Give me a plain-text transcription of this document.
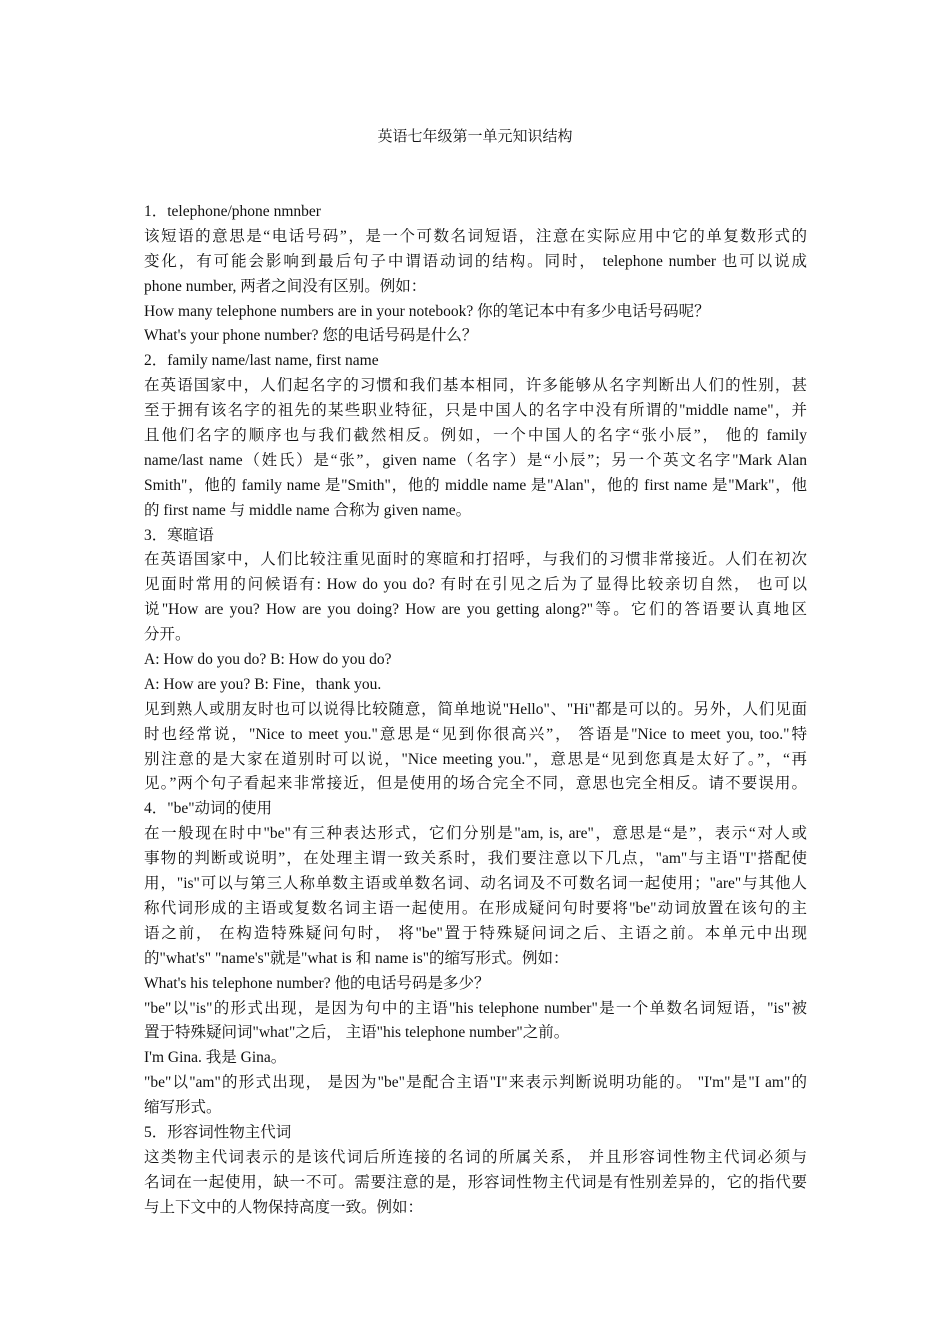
英语七年级第一单元知识结构

1．telephone/phone nmnber

该短语的意思是“电话号码”，是一个可数名词短语，注意在实际应用中它的单复数形式的

变化，有可能会影响到最后句子中谓语动词的结构。同时， telephone number 也可以说成

phone number, 两者之间没有区别。例如：

How many telephone numbers are in your notebook? 你的笔记本中有多少电话号码呢？

What's your phone number? 您的电话号码是什么？

2．family name/last name, first name

在英语国家中，人们起名字的习惯和我们基本相同，许多能够从名字判断出人们的性别，甚

至于拥有该名字的祖先的某些职业特征，只是中国人的名字中没有所谓的"middle name"，并

且他们名字的顺序也与我们截然相反。例如，一个中国人的名字“张小辰”， 他的 family

name/last name（姓氏）是“张”，given name（名字）是“小辰”；另一个英文名字"Mark Alan

Smith"，他的 family name 是"Smith"，他的 middle name 是"Alan"，他的 first name 是"Mark"，他

的 first name 与 middle name 合称为 given name。

3．寒暄语

在英语国家中，人们比较注重见面时的寒暄和打招呼，与我们的习惯非常接近。人们在初次

见面时常用的问候语有: How do you do? 有时在引见之后为了显得比较亲切自然， 也可以

说"How are you? How are you doing? How are you getting along?"等。它们的答语要认真地区

分开。

A: How do you do? B: How do you do?

A: How are you? B: Fine，thank you.

见到熟人或朋友时也可以说得比较随意，简单地说"Hello"、"Hi"都是可以的。另外，人们见面

时也经常说，"Nice to meet you."意思是“见到你很高兴”， 答语是"Nice to meet you, too."特

别注意的是大家在道别时可以说，"Nice meeting you."，意思是“见到您真是太好了。”，“再

见。”两个句子看起来非常接近，但是使用的场合完全不同，意思也完全相反。请不要误用。

4．"be"动词的使用

在一般现在时中"be"有三种表达形式，它们分别是"am, is, are"，意思是“是”，表示“对人或

事物的判断或说明”，在处理主谓一致关系时，我们要注意以下几点，"am"与主语"I"搭配使

用，"is"可以与第三人称单数主语或单数名词、动名词及不可数名词一起使用；"are"与其他人

称代词形成的主语或复数名词主语一起使用。在形成疑问句时要将"be"动词放置在该句的主

语之前， 在构造特殊疑问句时， 将"be"置于特殊疑问词之后、主语之前。本单元中出现

的"what's" "name's"就是"what is 和 name is"的缩写形式。例如：

What's his telephone number? 他的电话号码是多少？

"be"以"is"的形式出现，是因为句中的主语"his telephone number"是一个单数名词短语，"is"被

置于特殊疑问词"what"之后， 主语"his telephone number"之前。

I'm Gina. 我是 Gina。

"be"以"am"的形式出现， 是因为"be"是配合主语"I"来表示判断说明功能的。 "I'm"是"I am"的

缩写形式。

5．形容词性物主代词

这类物主代词表示的是该代词后所连接的名词的所属关系， 并且形容词性物主代词必须与

名词在一起使用，缺一不可。需要注意的是，形容词性物主代词是有性别差异的，它的指代要

与上下文中的人物保持高度一致。例如：
